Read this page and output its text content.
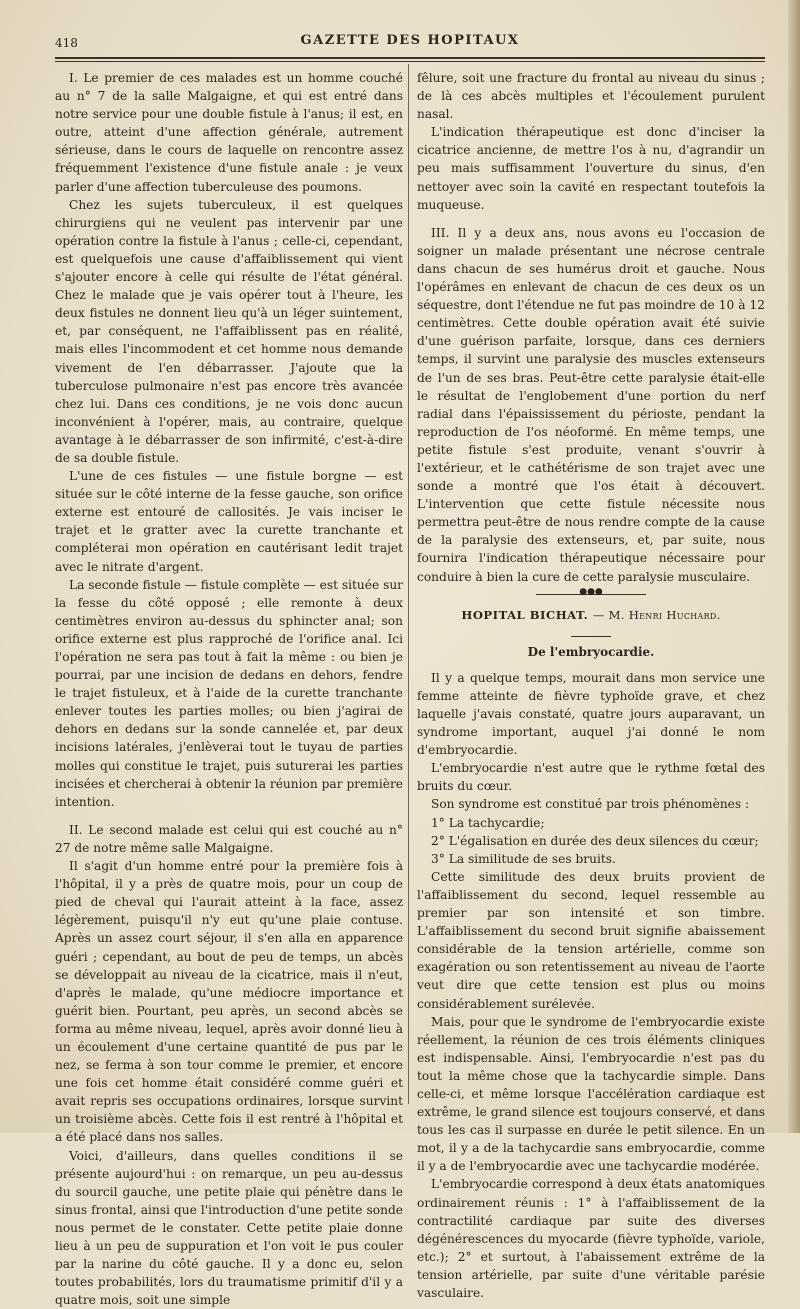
418	GAZETTE DES HOPITAUX

I. Le premier de ces malades est un homme couché au n° 7 de la salle Malgaigne, et qui est entré dans notre service pour une double fistule à l'anus; il est, en outre, atteint d'une affection générale, autrement sérieuse, dans le cours de laquelle on rencontre assez fréquemment l'existence d'une fistule anale : je veux parler d'une affection tuberculeuse des poumons.

Chez les sujets tuberculeux, il est quelques chirurgiens qui ne veulent pas intervenir par une opération contre la fistule à l'anus ; celle-ci, cependant, est quelquefois une cause d'affaiblissement qui vient s'ajouter encore à celle qui résulte de l'état général. Chez le malade que je vais opérer tout à l'heure, les deux fistules ne donnent lieu qu'à un léger suintement, et, par conséquent, ne l'affaiblissent pas en réalité, mais elles l'incommodent et cet homme nous demande vivement de l'en débarrasser. J'ajoute que la tuberculose pulmonaire n'est pas encore très avancée chez lui. Dans ces conditions, je ne vois donc aucun inconvénient à l'opérer, mais, au contraire, quelque avantage à le débarrasser de son infirmité, c'est-à-dire de sa double fistule.

L'une de ces fistules — une fistule borgne — est située sur le côté interne de la fesse gauche, son orifice externe est entouré de callosités. Je vais inciser le trajet et le gratter avec la curette tranchante et compléterai mon opération en cautérisant ledit trajet avec le nitrate d'argent.

La seconde fistule — fistule complète — est située sur la fesse du côté opposé ; elle remonte à deux centimètres environ au-dessus du sphincter anal; son orifice externe est plus rapproché de l'orifice anal. Ici l'opération ne sera pas tout à fait la même : ou bien je pourrai, par une incision de dedans en dehors, fendre le trajet fistuleux, et à l'aide de la curette tranchante enlever toutes les parties molles; ou bien j'agirai de dehors en dedans sur la sonde cannelée et, par deux incisions latérales, j'enlèverai tout le tuyau de parties molles qui constitue le trajet, puis suturerai les parties incisées et chercherai à obtenir la réunion par première intention.

II. Le second malade est celui qui est couché au n° 27 de notre même salle Malgaigne.

Il s'agit d'un homme entré pour la première fois à l'hôpital, il y a près de quatre mois, pour un coup de pied de cheval qui l'aurait atteint à la face, assez légèrement, puisqu'il n'y eut qu'une plaie contuse. Après un assez court séjour, il s'en alla en apparence guéri ; cependant, au bout de peu de temps, un abcès se développait au niveau de la cicatrice, mais il n'eut, d'après le malade, qu'une médiocre importance et guérit bien. Pourtant, peu après, un second abcès se forma au même niveau, lequel, après avoir donné lieu à un écoulement d'une certaine quantité de pus par le nez, se ferma à son tour comme le premier, et encore une fois cet homme était considéré comme guéri et avait repris ses occupations ordinaires, lorsque survint un troisième abcès. Cette fois il est rentré à l'hôpital et a été placé dans nos salles.

Voici, d'ailleurs, dans quelles conditions il se présente aujourd'hui : on remarque, un peu au-dessus du sourcil gauche, une petite plaie qui pénètre dans le sinus frontal, ainsi que l'introduction d'une petite sonde nous permet de le constater. Cette petite plaie donne lieu à un peu de suppuration et l'on voit le pus couler par la narine du côté gauche. Il y a donc eu, selon toutes probabilités, lors du traumatisme primitif d'il y a quatre mois, soit une simple

fêlure, soit une fracture du frontal au niveau du sinus ; de là ces abcès multiples et l'écoulement purulent nasal.

L'indication thérapeutique est donc d'inciser la cicatrice ancienne, de mettre l'os à nu, d'agrandir un peu mais suffisamment l'ouverture du sinus, d'en nettoyer avec soin la cavité en respectant toutefois la muqueuse.

III. Il y a deux ans, nous avons eu l'occasion de soigner un malade présentant une nécrose centrale dans chacun de ses humérus droit et gauche. Nous l'opérâmes en enlevant de chacun de ces deux os un séquestre, dont l'étendue ne fut pas moindre de 10 à 12 centimètres. Cette double opération avait été suivie d'une guérison parfaite, lorsque, dans ces derniers temps, il survint une paralysie des muscles extenseurs de l'un de ses bras. Peut-être cette paralysie était-elle le résultat de l'englobement d'une portion du nerf radial dans l'épaississement du périoste, pendant la reproduction de l'os néoformé. En même temps, une petite fistule s'est produite, venant s'ouvrir à l'extérieur, et le cathétérisme de son trajet avec une sonde a montré que l'os était à découvert. L'intervention que cette fistule nécessite nous permettra peut-être de nous rendre compte de la cause de la paralysie des extenseurs, et, par suite, nous fournira l'indication thérapeutique nécessaire pour conduire à bien la cure de cette paralysie musculaire.

●●●
HOPITAL BICHAT. — M. Henri Huchard.
De l'embryocardie.

Il y a quelque temps, mourait dans mon service une femme atteinte de fièvre typhoïde grave, et chez laquelle j'avais constaté, quatre jours auparavant, un syndrome important, auquel j'ai donné le nom d'embryocardie.

L'embryocardie n'est autre que le rythme fœtal des bruits du cœur.

Son syndrome est constitué par trois phénomènes :

1° La tachycardie;

2° L'égalisation en durée des deux silences du cœur;

3° La similitude de ses bruits.

Cette similitude des deux bruits provient de l'affaiblissement du second, lequel ressemble au premier par son intensité et son timbre. L'affaiblissement du second bruit signifie abaissement considérable de la tension artérielle, comme son exagération ou son retentissement au niveau de l'aorte veut dire que cette tension est plus ou moins considérablement surélevée.

Mais, pour que le syndrome de l'embryocardie existe réellement, la réunion de ces trois éléments cliniques est indispensable. Ainsi, l'embryocardie n'est pas du tout la même chose que la tachycardie simple. Dans celle-ci, et même lorsque l'accélération cardiaque est extrême, le grand silence est toujours conservé, et dans tous les cas il surpasse en durée le petit silence. En un mot, il y a de la tachycardie sans embryocardie, comme il y a de l'embryocardie avec une tachycardie modérée.

L'embryocardie correspond à deux états anatomiques ordinairement réunis : 1° à l'affaiblissement de la contractilité cardiaque par suite des diverses dégénérescences du myocarde (fièvre typhoïde, variole, etc.); 2° et surtout, à l'abaissement extrême de la tension artérielle, par suite d'une véritable parésie vasculaire.
